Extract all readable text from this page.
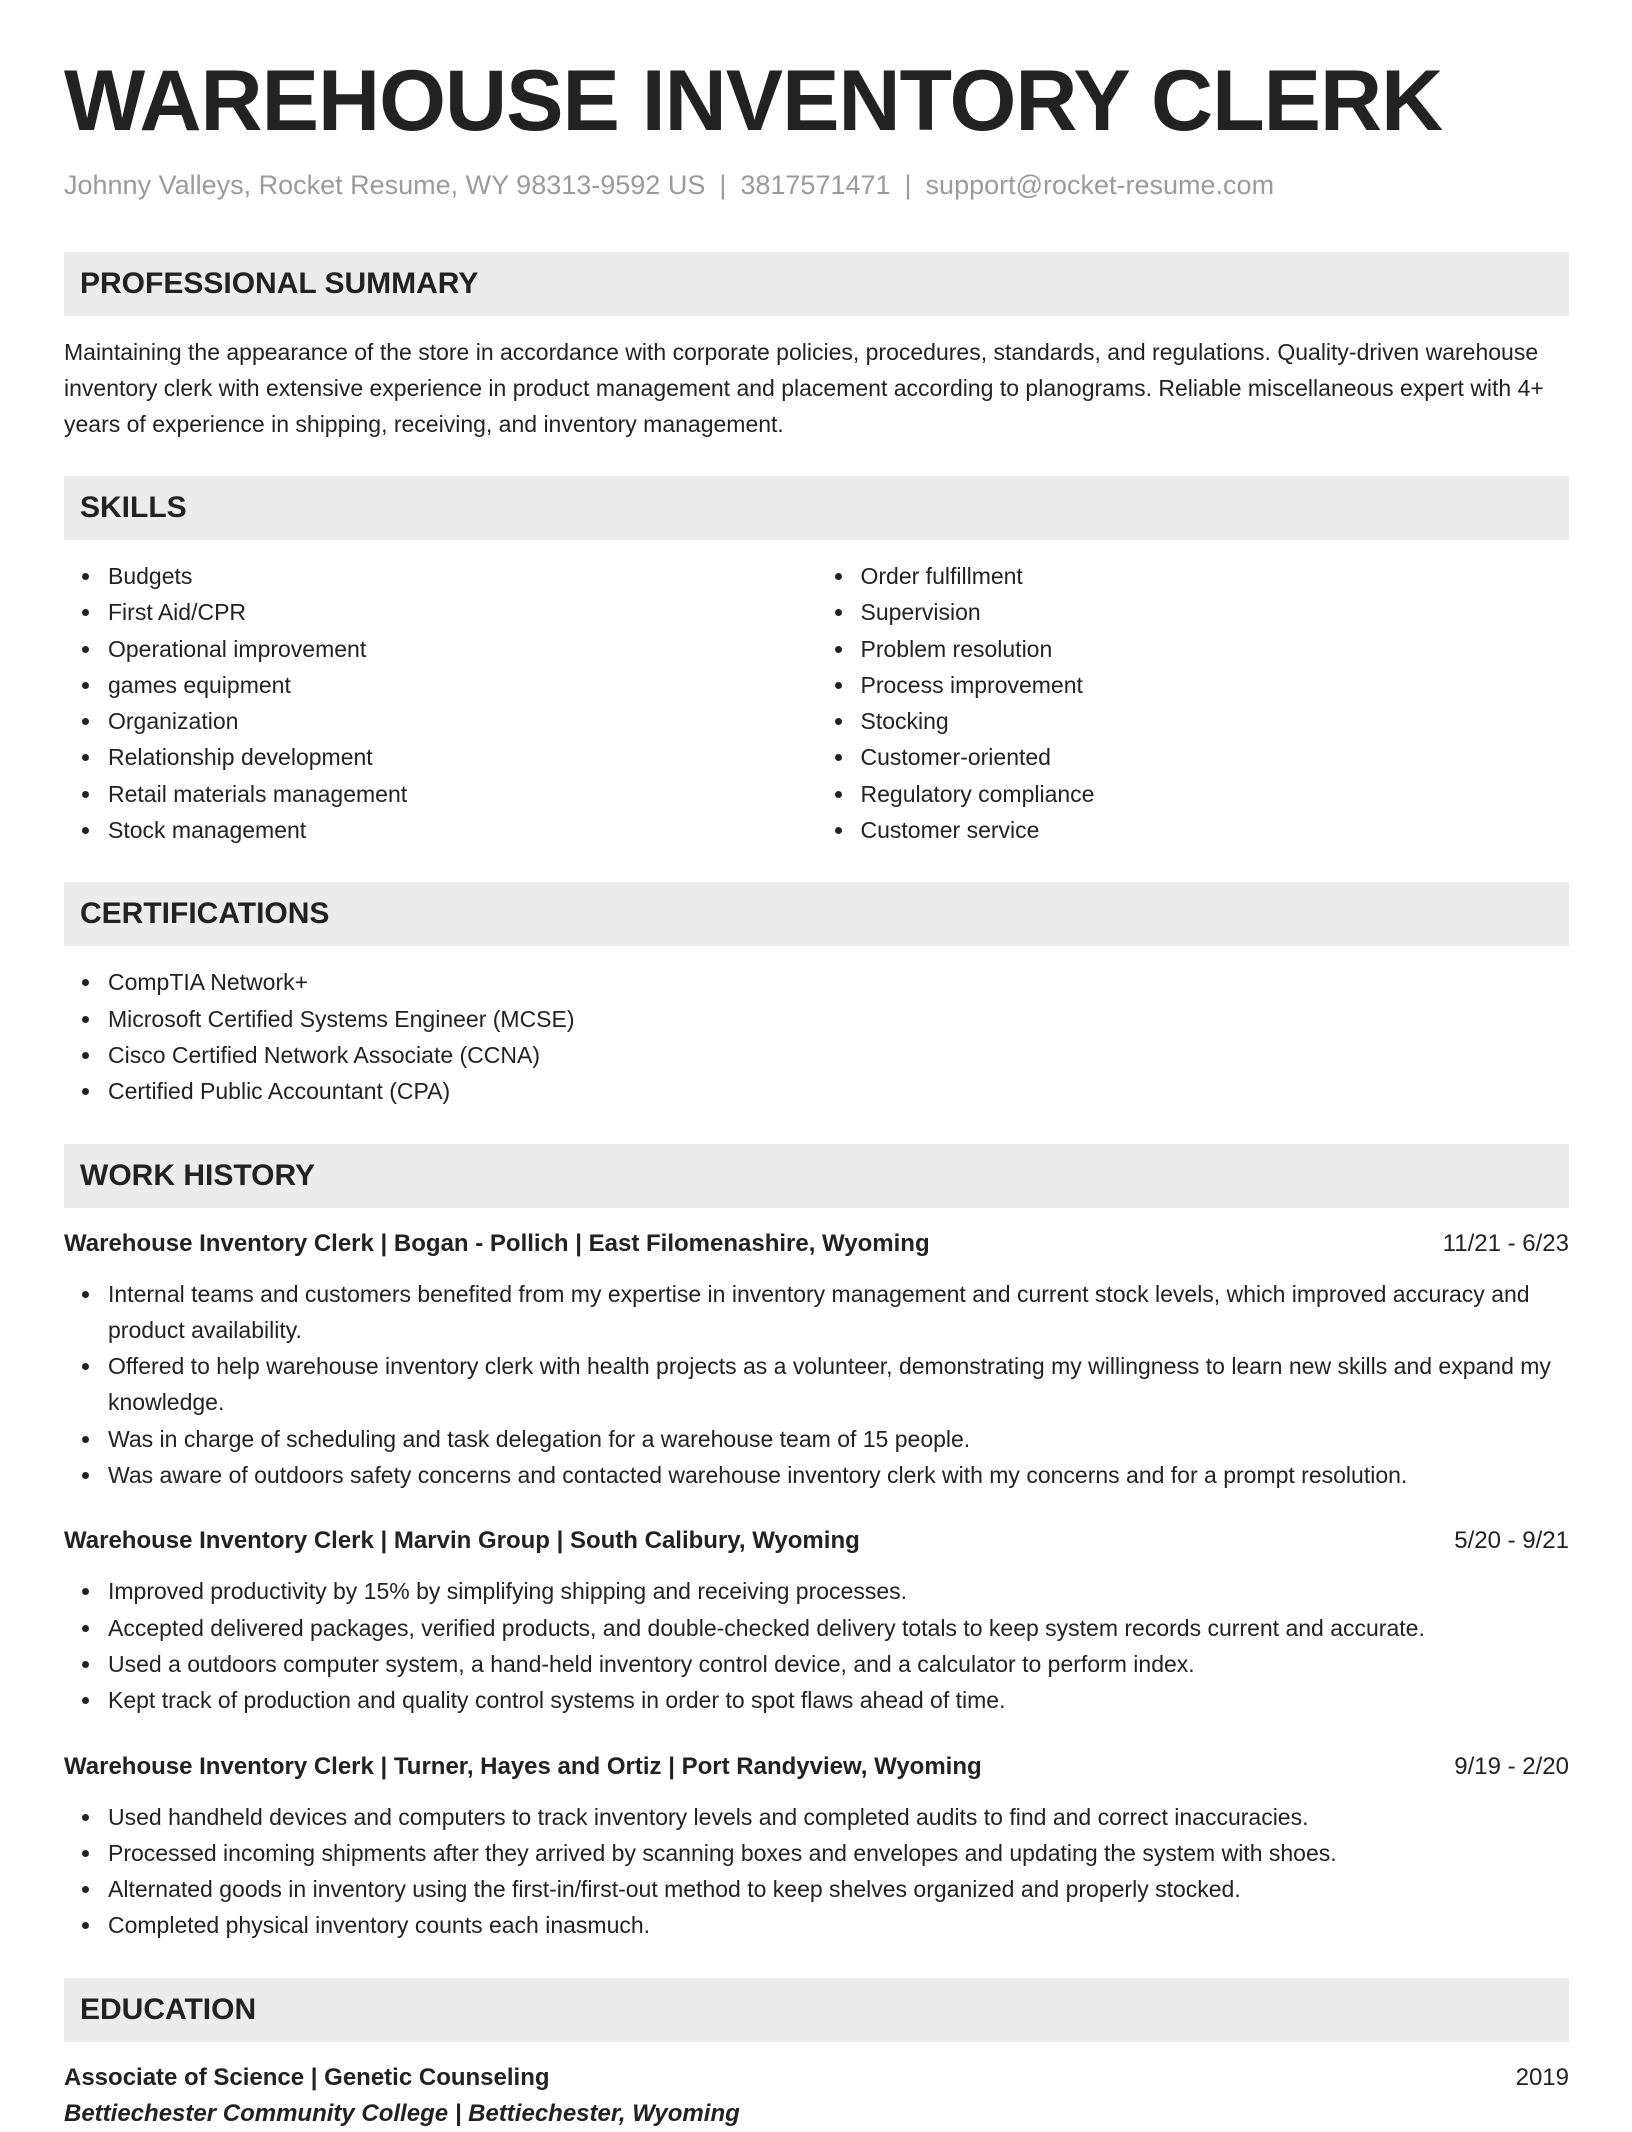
WAREHOUSE INVENTORY CLERK
Johnny Valleys, Rocket Resume, WY 98313-9592 US | 3817571471 | support@rocket-resume.com
PROFESSIONAL SUMMARY

Maintaining the appearance of the store in accordance with corporate policies, procedures, standards, and regulations. Quality-driven warehouse inventory clerk with extensive experience in product management and placement according to planograms. Reliable miscellaneous expert with 4+ years of experience in shipping, receiving, and inventory management.

SKILLS
Budgets
First Aid/CPR
Operational improvement
games equipment
Organization
Relationship development
Retail materials management
Stock management
Order fulfillment
Supervision
Problem resolution
Process improvement
Stocking
Customer-oriented
Regulatory compliance
Customer service
CERTIFICATIONS
CompTIA Network+
Microsoft Certified Systems Engineer (MCSE)
Cisco Certified Network Associate (CCNA)
Certified Public Accountant (CPA)
WORK HISTORY
Warehouse Inventory Clerk | Bogan - Pollich | East Filomenashire, Wyoming	11/21 - 6/23
Internal teams and customers benefited from my expertise in inventory management and current stock levels, which improved accuracy and product availability.
Offered to help warehouse inventory clerk with health projects as a volunteer, demonstrating my willingness to learn new skills and expand my knowledge.
Was in charge of scheduling and task delegation for a warehouse team of 15 people.
Was aware of outdoors safety concerns and contacted warehouse inventory clerk with my concerns and for a prompt resolution.
Warehouse Inventory Clerk | Marvin Group | South Calibury, Wyoming	5/20 - 9/21
Improved productivity by 15% by simplifying shipping and receiving processes.
Accepted delivered packages, verified products, and double-checked delivery totals to keep system records current and accurate.
Used a outdoors computer system, a hand-held inventory control device, and a calculator to perform index.
Kept track of production and quality control systems in order to spot flaws ahead of time.
Warehouse Inventory Clerk | Turner, Hayes and Ortiz | Port Randyview, Wyoming	9/19 - 2/20
Used handheld devices and computers to track inventory levels and completed audits to find and correct inaccuracies.
Processed incoming shipments after they arrived by scanning boxes and envelopes and updating the system with shoes.
Alternated goods in inventory using the first-in/first-out method to keep shelves organized and properly stocked.
Completed physical inventory counts each inasmuch.
EDUCATION
Associate of Science | Genetic Counseling	2019
Bettiechester Community College | Bettiechester, Wyoming
